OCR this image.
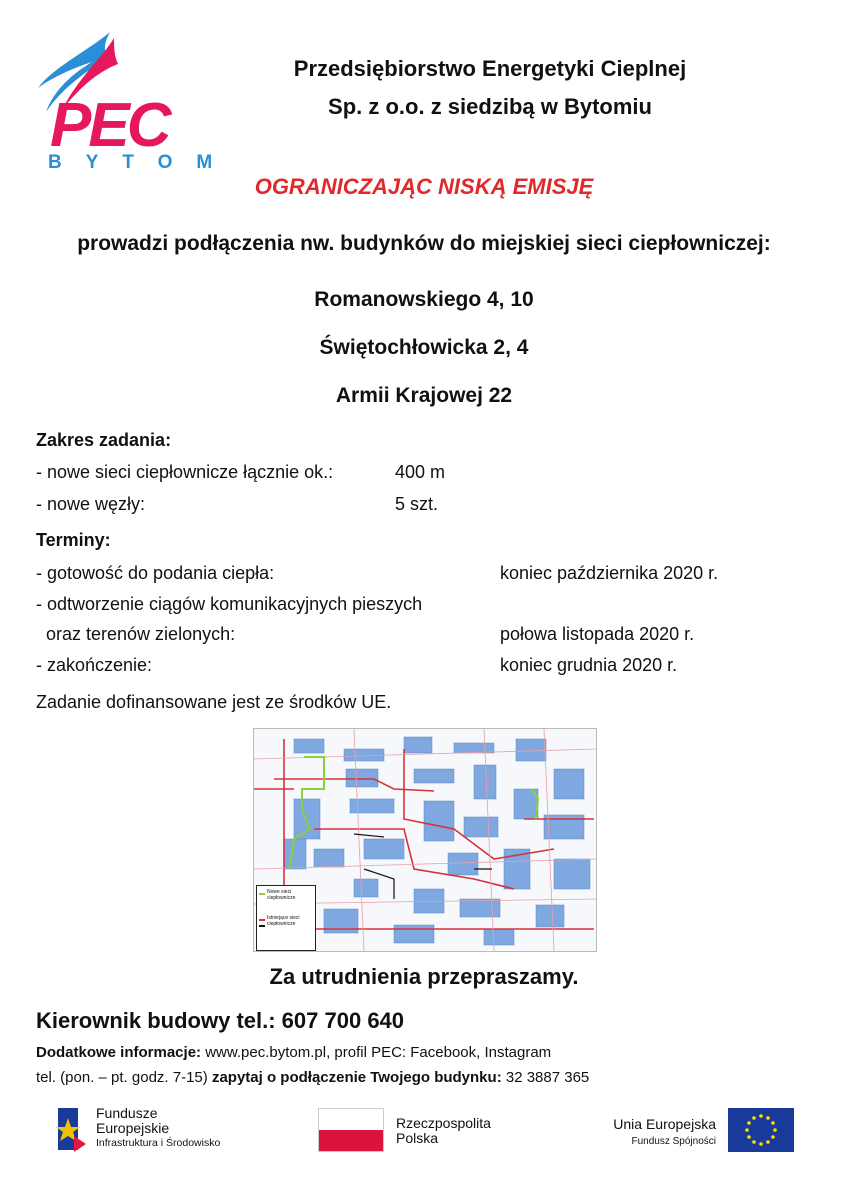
PEC
BYTOM
Przedsiębiorstwo Energetyki Cieplnej
Sp. z o.o. z siedzibą w Bytomiu
OGRANICZAJĄC NISKĄ EMISJĘ
prowadzi podłączenia nw. budynków do miejskiej sieci ciepłowniczej:
Romanowskiego 4, 10
Świętochłowicka 2, 4
Armii Krajowej 22
Zakres zadania:
- nowe sieci ciepłownicze łącznie ok.:	400 m
- nowe węzły:	5 szt.
Terminy:
- gotowość do podania ciepła:	koniec października 2020 r.
- odtworzenie ciągów komunikacyjnych pieszych
oraz terenów zielonych:	połowa listopada 2020 r.
- zakończenie:	koniec grudnia 2020 r.
Zadanie dofinansowane jest ze środków UE.
Nowe sieci ciepłownicze
Istniejące sieci ciepłownicze
Za utrudnienia przepraszamy.
Kierownik budowy tel.: 607 700 640
Dodatkowe informacje: www.pec.bytom.pl, profil PEC: Facebook, Instagram
tel. (pon. – pt. godz. 7-15) zapytaj o podłączenie Twojego budynku: 32 3887 365
Fundusze
Europejskie
Infrastruktura i Środowisko
Rzeczpospolita
Polska
Unia Europejska
Fundusz Spójności
